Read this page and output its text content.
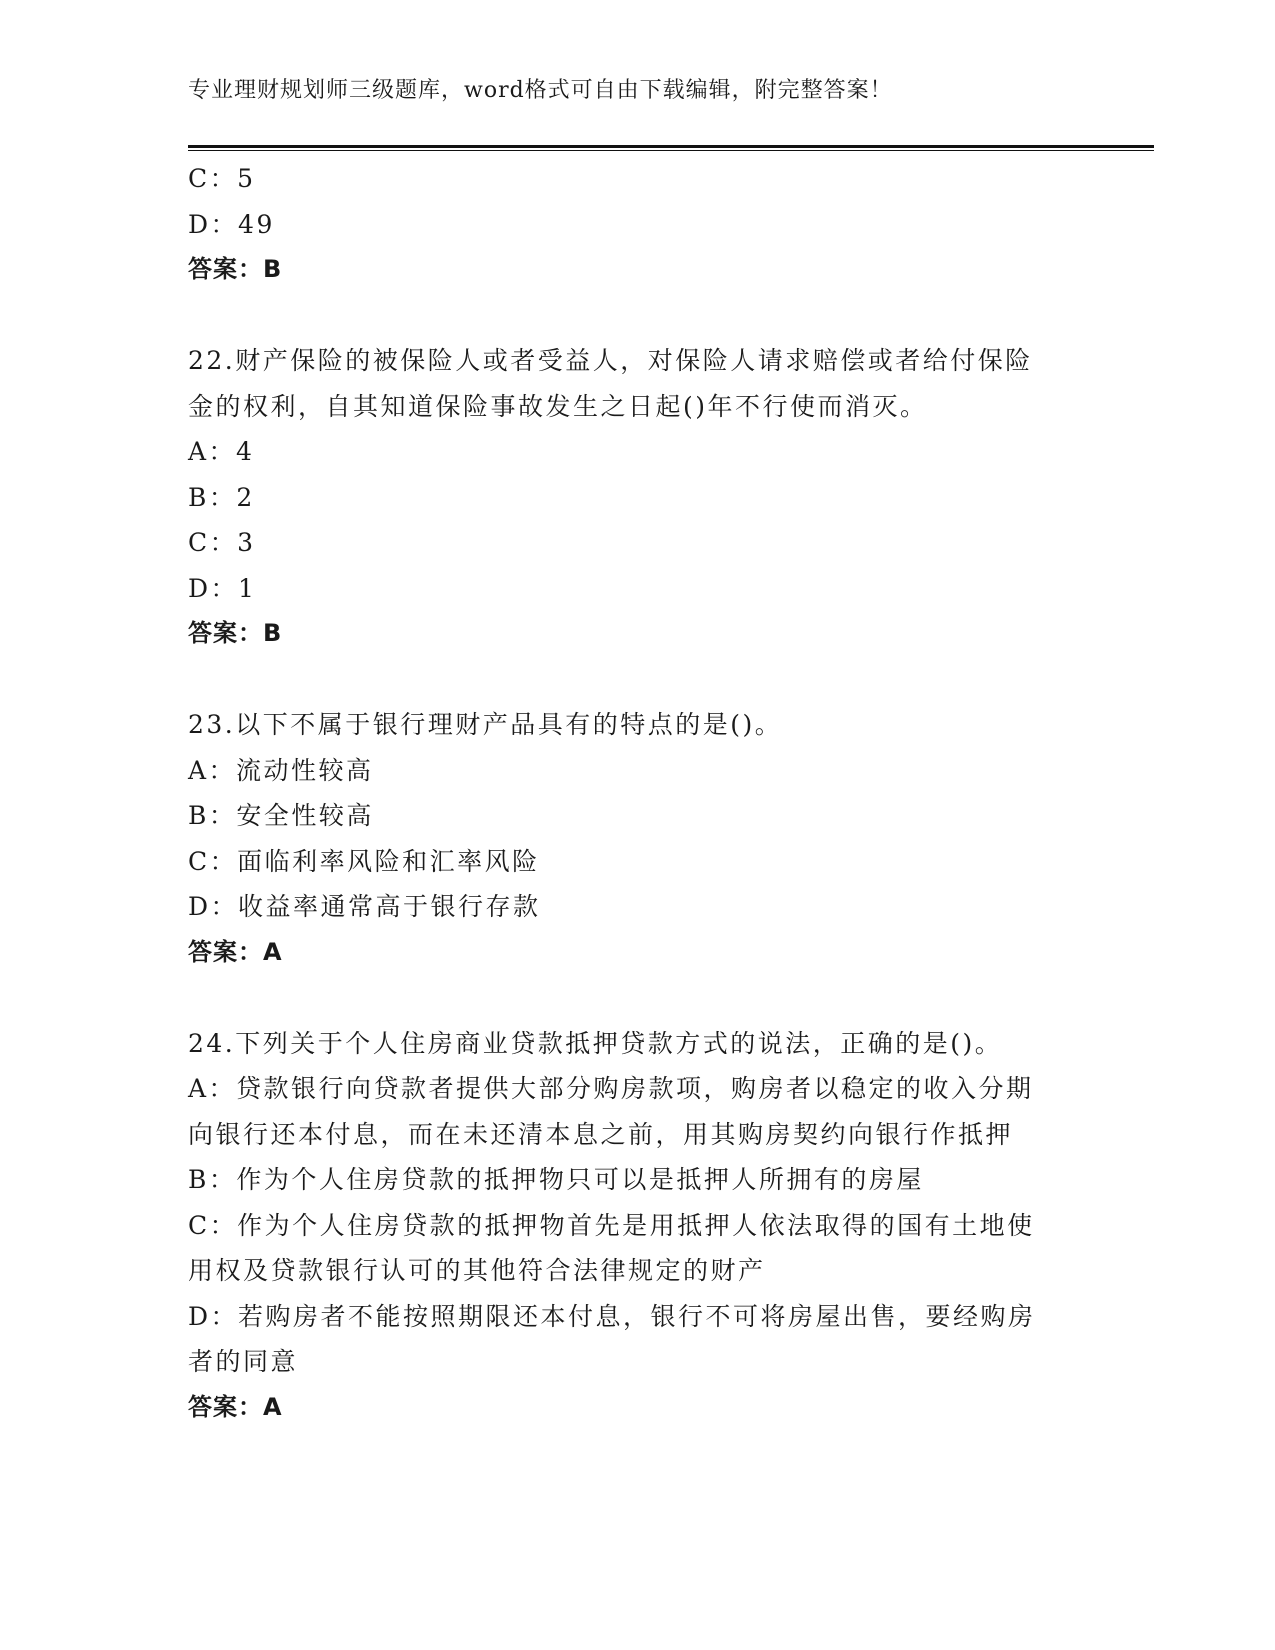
专业理财规划师三级题库，word格式可自由下载编辑，附完整答案！
C：5
D：49
答案：B
22.财产保险的被保险人或者受益人，对保险人请求赔偿或者给付保险
金的权利，自其知道保险事故发生之日起()年不行使而消灭。
A：4
B：2
C：3
D：1
答案：B
23.以下不属于银行理财产品具有的特点的是()。
A：流动性较高
B：安全性较高
C：面临利率风险和汇率风险
D：收益率通常高于银行存款
答案：A
24.下列关于个人住房商业贷款抵押贷款方式的说法，正确的是()。
A：贷款银行向贷款者提供大部分购房款项，购房者以稳定的收入分期
向银行还本付息，而在未还清本息之前，用其购房契约向银行作抵押
B：作为个人住房贷款的抵押物只可以是抵押人所拥有的房屋
C：作为个人住房贷款的抵押物首先是用抵押人依法取得的国有土地使
用权及贷款银行认可的其他符合法律规定的财产
D：若购房者不能按照期限还本付息，银行不可将房屋出售，要经购房
者的同意
答案：A
